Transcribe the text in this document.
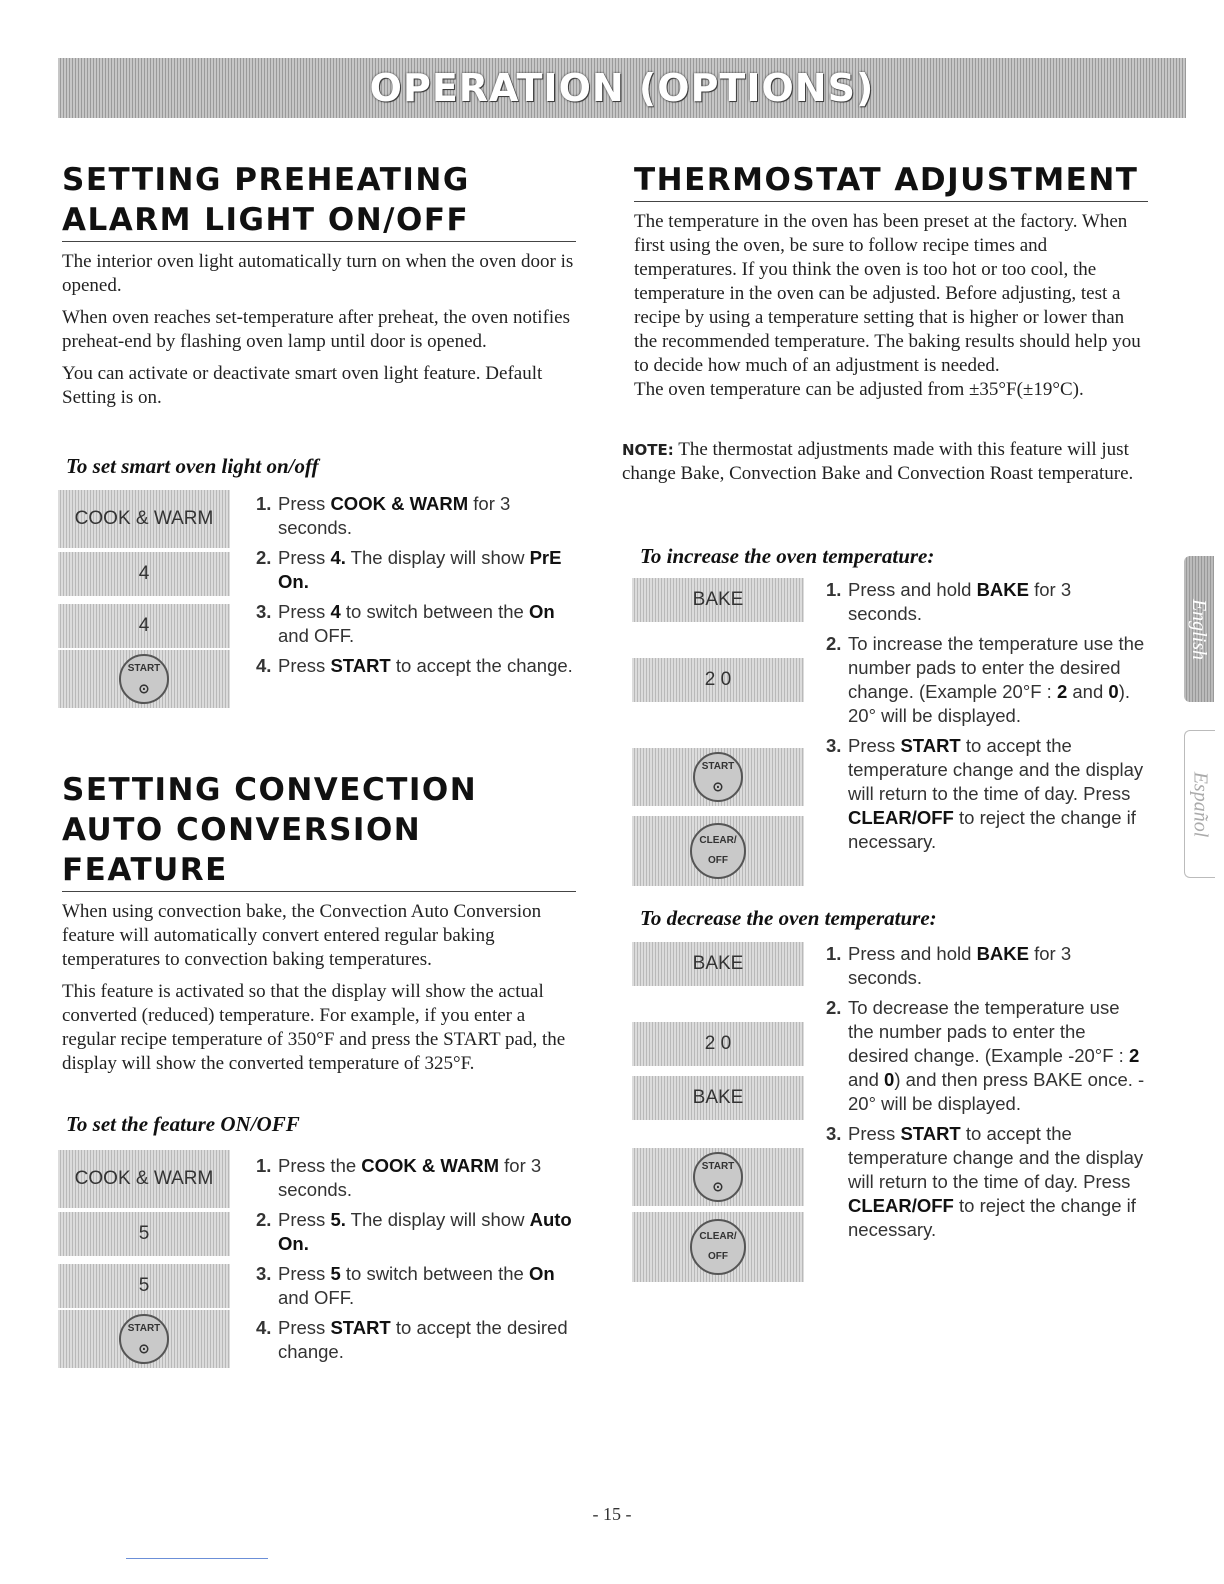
OPERATION (OPTIONS)
SETTING PREHEATING ALARM LIGHT ON/OFF

The interior oven light automatically turn on when the oven door is opened.

When oven reaches set-temperature after preheat, the oven notifies preheat-end by flashing oven lamp until door is opened.

You can activate or deactivate smart oven light feature. Default Setting is on.

To set smart oven light on/off

COOK & WARM
4
4
START
⊙
1. Press COOK & WARM for 3 seconds.
2. Press 4. The display will show PrE On.
3. Press 4 to switch between the On and OFF.
4. Press START to accept the change.
SETTING CONVECTION AUTO CONVERSION FEATURE

When using convection bake, the Convection Auto Conversion feature will automatically convert entered regular baking temperatures to convection baking temperatures.

This feature is activated so that the display will show the actual converted (reduced) temperature. For example, if you enter a regular recipe temperature of 350°F and press the START pad, the display will show the converted temperature of 325°F.

To set the feature ON/OFF

COOK & WARM
5
5
START
⊙
1. Press the COOK & WARM for 3 seconds.
2. Press 5. The display will show Auto On.
3. Press 5 to switch between the On and OFF.
4. Press START to accept the desired change.
THERMOSTAT ADJUSTMENT

The temperature in the oven has been preset at the factory. When first using the oven, be sure to follow recipe times and temperatures. If you think the oven is too hot or too cool, the temperature in the oven can be adjusted. Before adjusting, test a recipe by using a temperature setting that is higher or lower than the recommended temperature. The baking results should help you to decide how much of an adjustment is needed.

The oven temperature can be adjusted from ±35°F(±19°C).

NOTE: The thermostat adjustments made with this feature will just change Bake, Convection Bake and Convection Roast temperature.

To increase the oven temperature:

BAKE
2 0
START
⊙
CLEAR/ OFF
1. Press and hold BAKE for 3 seconds.
2. To increase the temperature use the number pads to enter the desired change. (Example 20°F : 2 and 0). 20° will be displayed.
3. Press START to accept the temperature change and the display will return to the time of day. Press CLEAR/OFF to reject the change if necessary.

To decrease the oven temperature:

BAKE
2 0
BAKE
START
⊙
CLEAR/ OFF
1. Press and hold BAKE for 3 seconds.
2. To decrease the temperature use the number pads to enter the desired change. (Example -20°F : 2 and 0) and then press BAKE once. - 20° will be displayed.
3. Press START to accept the temperature change and the display will return to the time of day. Press CLEAR/OFF to reject the change if necessary.
English
Español
- 15 -
